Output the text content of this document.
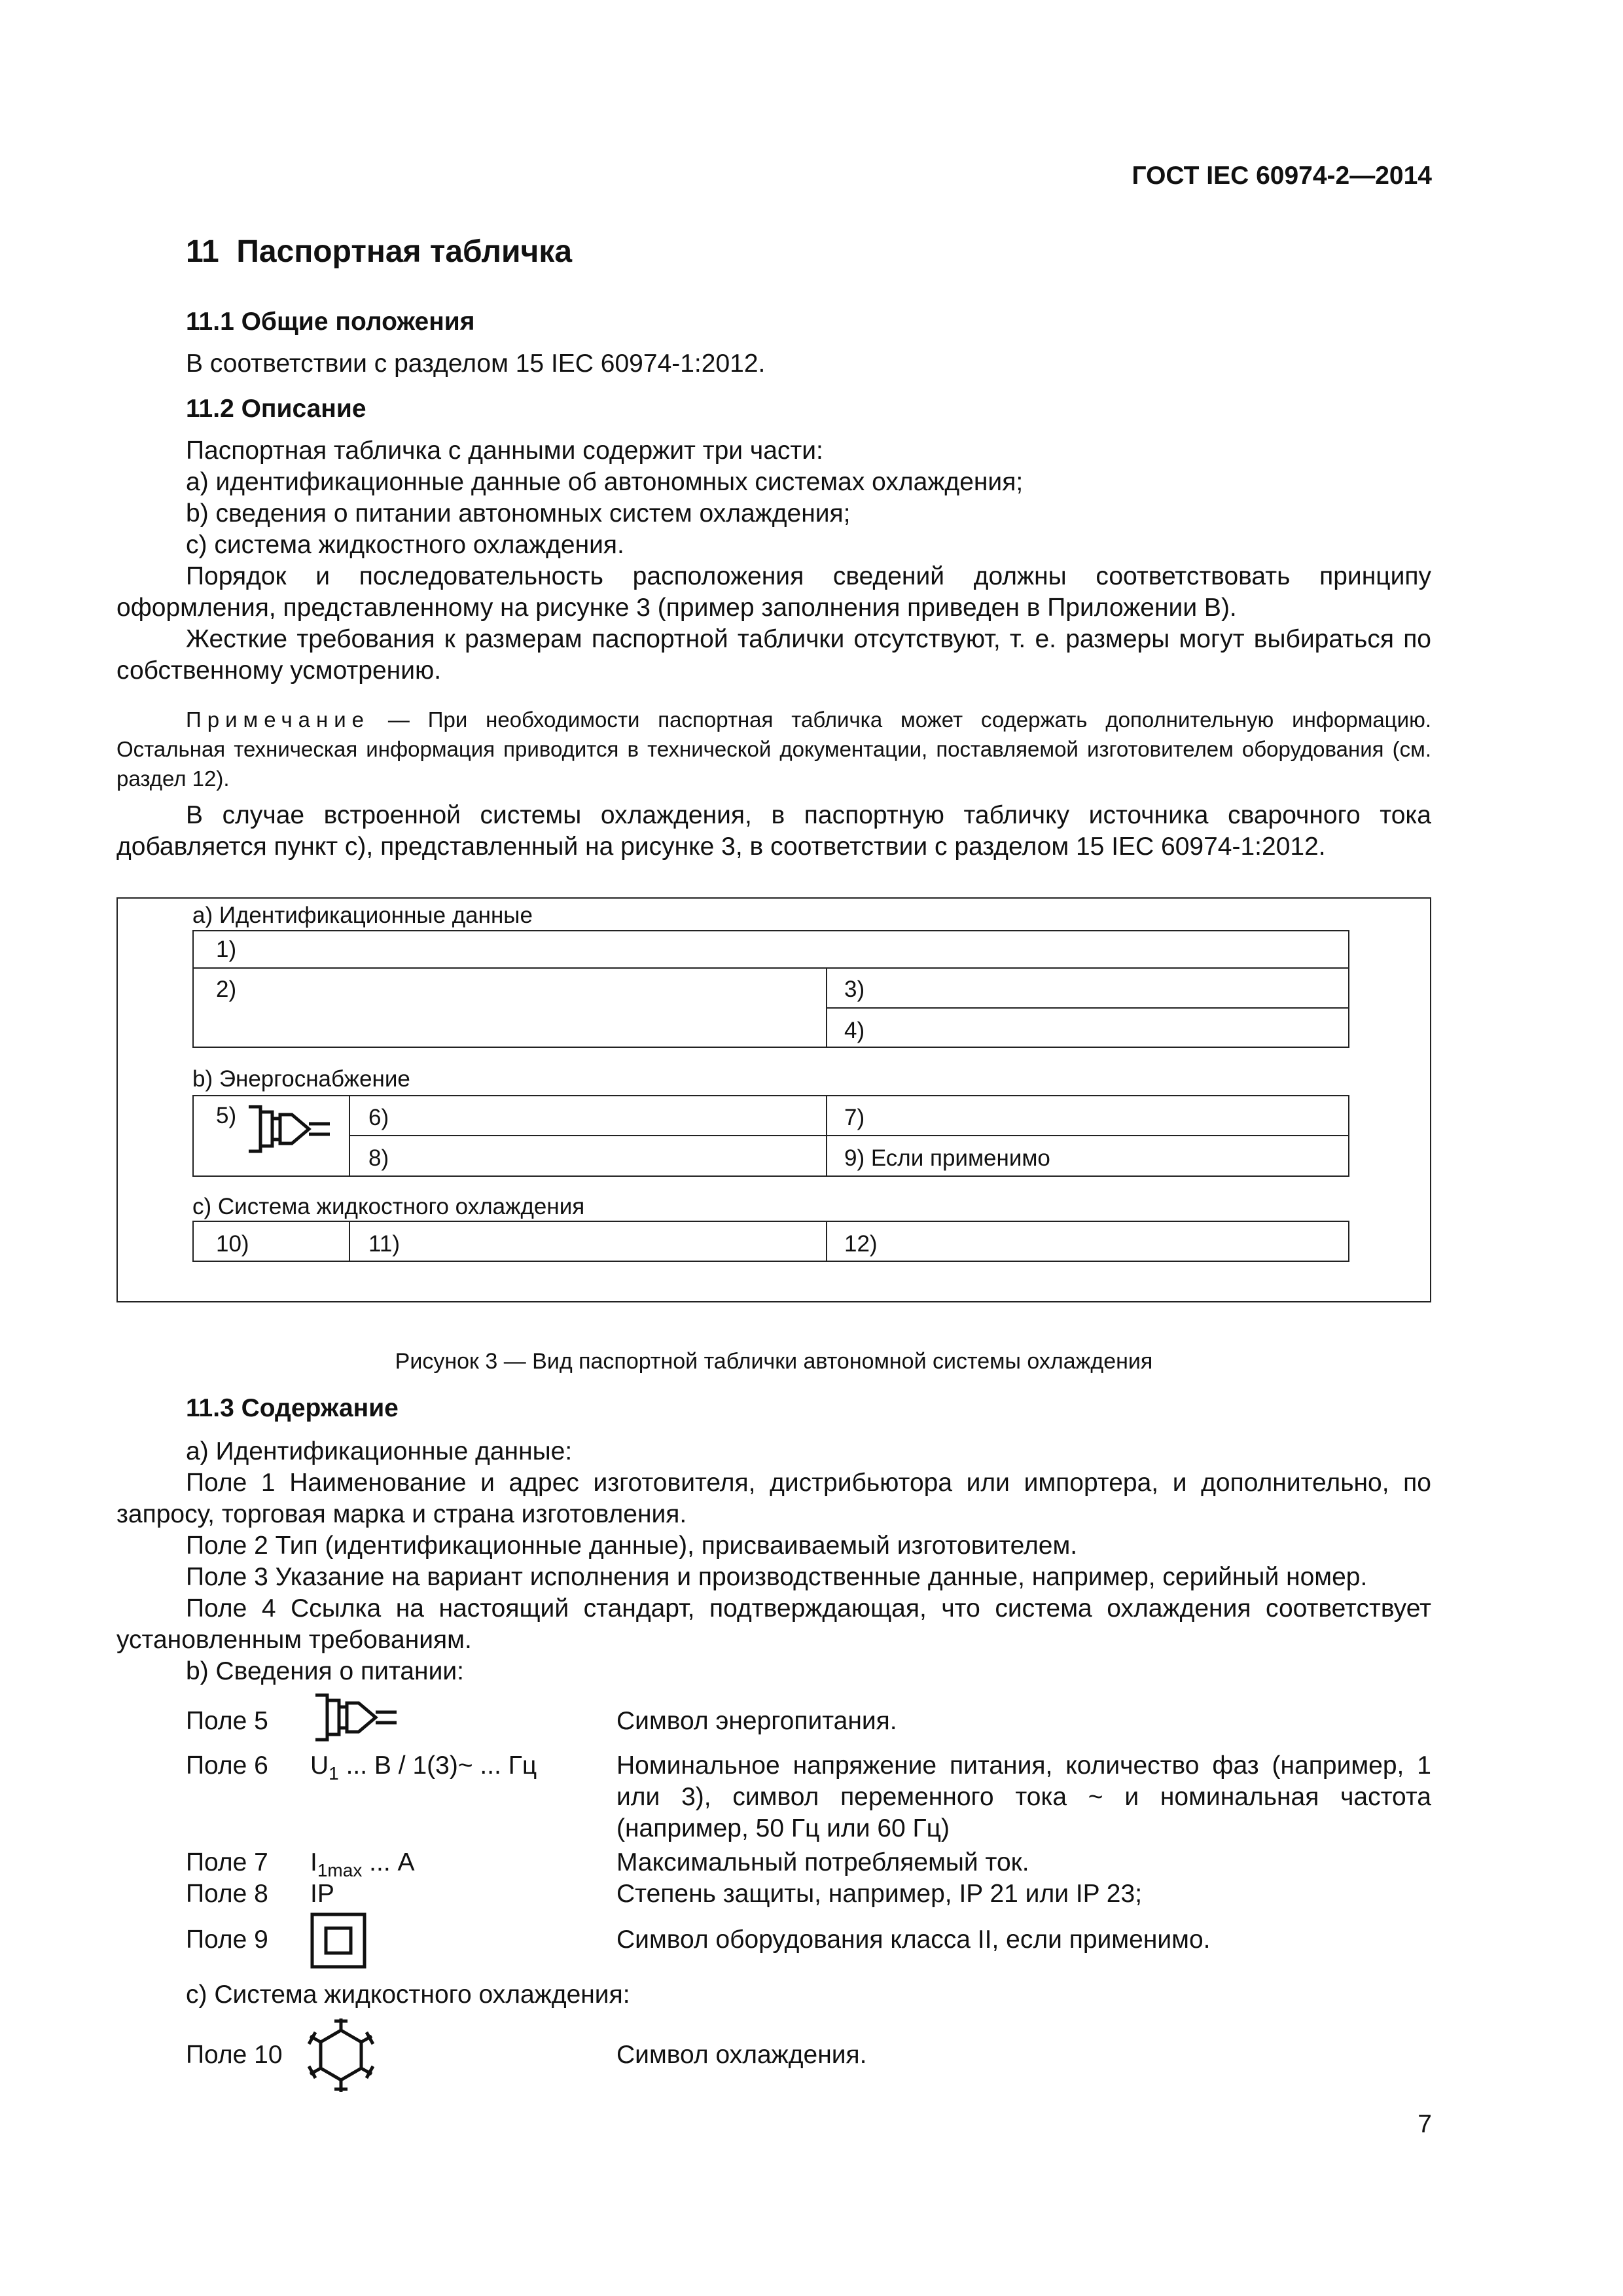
ГОСТ IEC 60974-2—2014
11 Паспортная табличка
11.1 Общие положения
В соответствии с разделом 15 IEC 60974-1:2012.
11.2 Описание
Паспортная табличка с данными содержит три части:
a) идентификационные данные об автономных системах охлаждения;
b) сведения о питании автономных систем охлаждения;
c) система жидкостного охлаждения.
Порядок и последовательность расположения сведений должны соответствовать принципу оформления, представленному на рисунке 3 (пример заполнения приведен в Приложении B).
Жесткие требования к размерам паспортной таблички отсутствуют, т. е. размеры могут выбираться по собственному усмотрению.
Примечание — При необходимости паспортная табличка может содержать дополнительную информацию. Остальная техническая информация приводится в технической документации, поставляемой изготовителем оборудования (см. раздел 12).
В случае встроенной системы охлаждения, в паспортную табличку источника сварочного тока добавляется пункт c), представленный на рисунке 3, в соответствии с разделом 15 IEC 60974-1:2012.
a) Идентификационные данные
1)
2)	3)
4)
b) Энергоснабжение
5)	6)	7)
8)	9) Если применимо
c) Система жидкостного охлаждения
10)	11)	12)
Рисунок 3 — Вид паспортной таблички автономной системы охлаждения
11.3 Содержание
a) Идентификационные данные:
Поле 1 Наименование и адрес изготовителя, дистрибьютора или импортера, и дополнительно, по запросу, торговая марка и страна изготовления.
Поле 2 Тип (идентификационные данные), присваиваемый изготовителем.
Поле 3 Указание на вариант исполнения и производственные данные, например, серийный номер.
Поле 4 Ссылка на настоящий стандарт, подтверждающая, что система охлаждения соответствует установленным требованиям.
b) Сведения о питании:
Поле 5	Символ энергопитания.
Поле 6 $U_1$ ... В / 1(3)~ ... Гц	Номинальное напряжение питания, количество фаз (например, 1 или 3), символ переменного тока ~ и номинальная частота (например, 50 Гц или 60 Гц)
Поле 7 $I_{1max}$ ... А	Максимальный потребляемый ток.
Поле 8 IP	Степень защиты, например, IP 21 или IP 23;
Поле 9	Символ оборудования класса II, если применимо.
c) Система жидкостного охлаждения:
Поле 10	Символ охлаждения.
7
